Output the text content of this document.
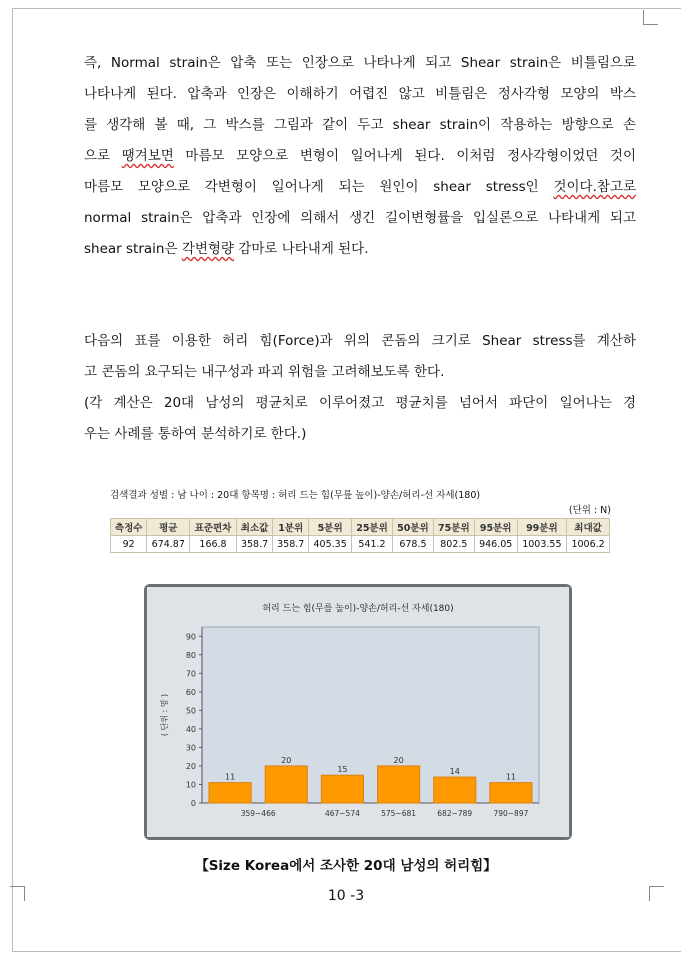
즉, Normal strain은 압축 또는 인장으로 나타나게 되고 Shear strain은 비틀림으로
나타나게 된다. 압축과 인장은 이해하기 어렵진 않고 비틀림은 정사각형 모양의 박스
를 생각해 볼 때, 그 박스를 그림과 같이 두고 shear strain이 작용하는 방향으로 손
으로 땡겨보면 마름모 모양으로 변형이 일어나게 된다. 이처럼 정사각형이었던 것이
마름모 모양으로 각변형이 일어나게 되는 원인이 shear stress인 것이다.참고로
normal strain은 압축과 인장에 의해서 생긴 길이변형률을 입실론으로 나타내게 되고
shear strain은 각변형량 감마로 나타내게 된다.
다음의 표를 이용한 허리 힘(Force)과 위의 콘돔의 크기로 Shear stress를 계산하
고 콘돔의 요구되는 내구성과 파괴 위험을 고려해보도록 한다.
(각 계산은 20대 남성의 평균치로 이루어졌고 평균치를 넘어서 파단이 일어나는 경
우는 사례를 통하여 분석하기로 한다.)
검색결과 성별 : 남 나이 : 20대 항목명 : 허리 드는 힘(무릎 높이)-양손/허리-선 자세(180)
(단위 : N)
측정수	평균	표준편차	최소값	1분위	5분위	25분위	50분위	75분위	95분위	99분위	최대값
92	674.87	166.8	358.7	358.7	405.35	541.2	678.5	802.5	946.05	1003.55	1006.2
허리 드는 힘(무릎 높이)-양손/허리-선 자세(180)
0
10
20
30
40
50
60
70
80
90
( 단위 : 명 )
11
20
15
20
14
11
359~466	467~574	575~681	682~789	790~897
【Size Korea에서 조사한 20대 남성의 허리힘】
10 -3
